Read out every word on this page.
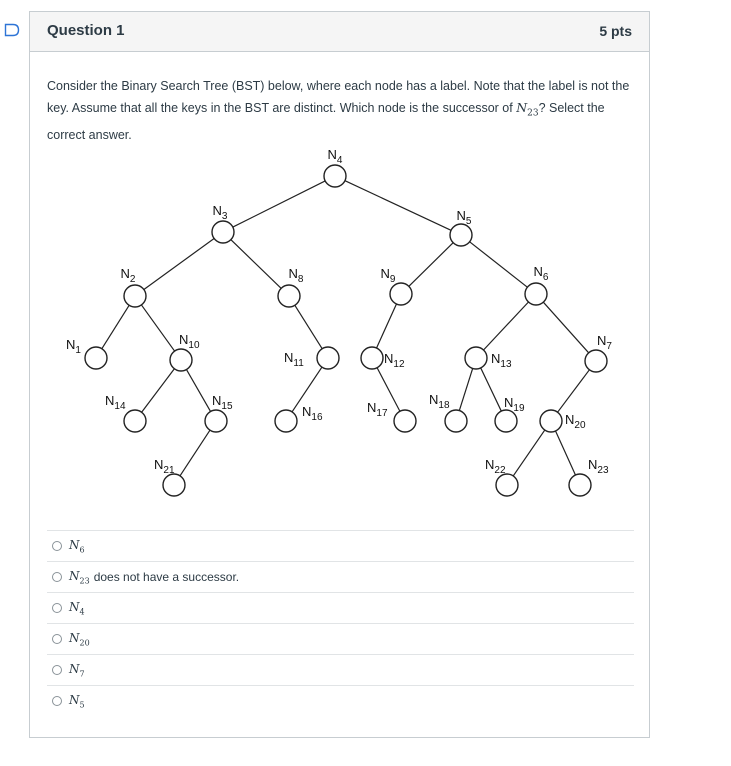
Question 1	5 pts
Consider the Binary Search Tree (BST) below, where each node has a label. Note that the label is not the key. Assume that all the keys in the BST are distinct. Which node is the successor of $N_{23}$? Select the correct answer.
$N_4$
$N_3$	$N_5$
$N_2$	$N_8$	$N_9$
$N_6$
$N_1$
$N_{10}$
$N_{11}$	$N_{12}$	$N_{13}$
$N_7$
$N_{14}$	$N_{15}$	$N_{16}$
$N_{17}$
$N_{18}$	$N_{19}$
$N_{20}$
$N_{21}$	$N_{22}$	$N_{23}$
$N_6$
$N_{23}$ does not have a successor.
$N_4$
$N_{20}$
$N_7$
$N_5$
